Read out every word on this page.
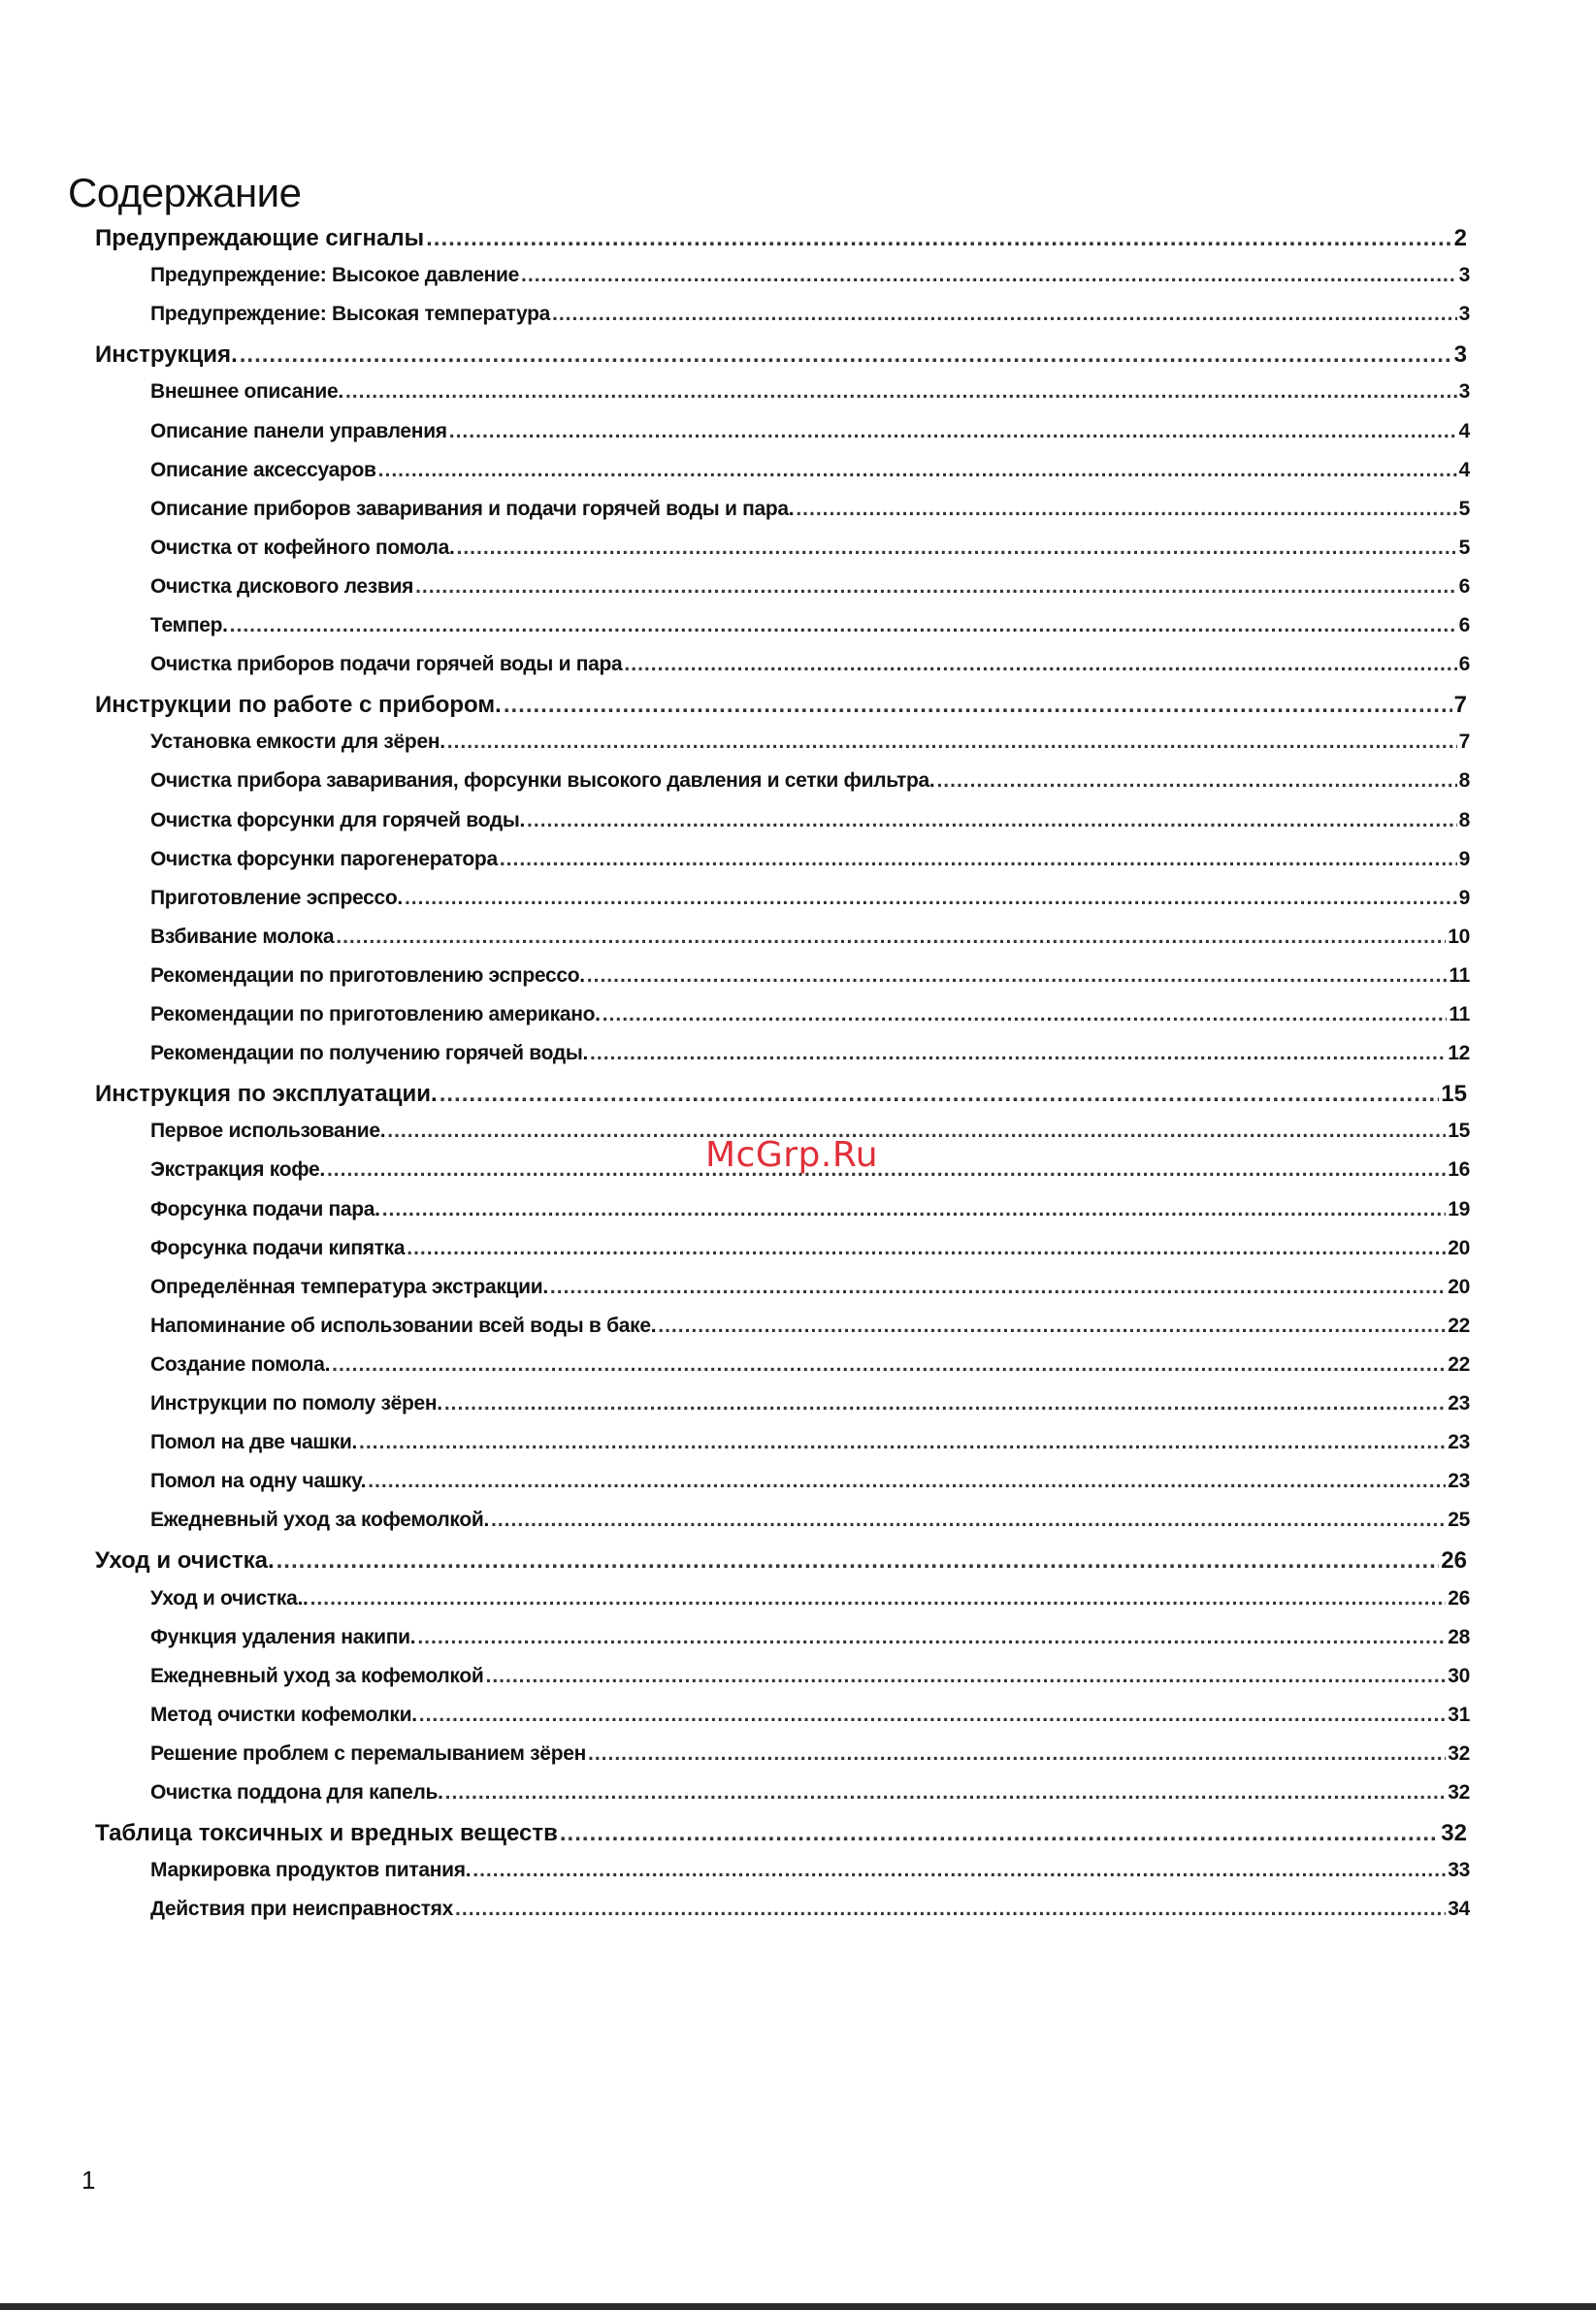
Содержание
Предупреждающие сигналы .....	2
Предупреждение: Высокое давление .....	3
Предупреждение: Высокая температура .....	3
Инструкция. .....	3
Внешнее описание. .....	3
Описание панели управления .....	4
Описание аксессуаров .....	4
Описание приборов заваривания и подачи горячей воды и пара. .....	5
Очистка от кофейного помола. .....	5
Очистка дискового лезвия .....	6
Темпер. .....	6
Очистка приборов подачи горячей воды и пара .....	6
Инструкции по работе с прибором. .....	7
Установка емкости для зёрен. .....	7
Очистка прибора заваривания, форсунки высокого давления и сетки фильтра. .....	8
Очистка форсунки для горячей воды. .....	8
Очистка форсунки парогенератора .....	9
Приготовление эспрессо. .....	9
Взбивание молока .....	10
Рекомендации по приготовлению эспрессо. .....	11
Рекомендации по приготовлению американо. .....	11
Рекомендации по получению горячей воды. .....	12
Инструкция по эксплуатации. .....	15
Первое использование. .....	15
Экстракция кофе. .....	16
Форсунка подачи пара. .....	19
Форсунка подачи кипятка .....	20
Определённая температура экстракции. .....	20
Напоминание об использовании всей воды в баке. .....	22
Создание помола. .....	22
Инструкции по помолу зёрен. .....	23
Помол на две чашки. .....	23
Помол на одну чашку. .....	23
Ежедневный уход за кофемолкой. .....	25
Уход и очистка. .....	26
Уход и очистка.. .....	26
Функция удаления накипи. .....	28
Ежедневный уход за кофемолкой .....	30
Метод очистки кофемолки. .....	31
Решение проблем с перемалыванием зёрен .....	32
Очистка поддона для капель. .....	32
Таблица токсичных и вредных веществ .....	32
Маркировка продуктов питания. .....	33
Действия при неисправностях .....	34
McGrp.Ru
1
